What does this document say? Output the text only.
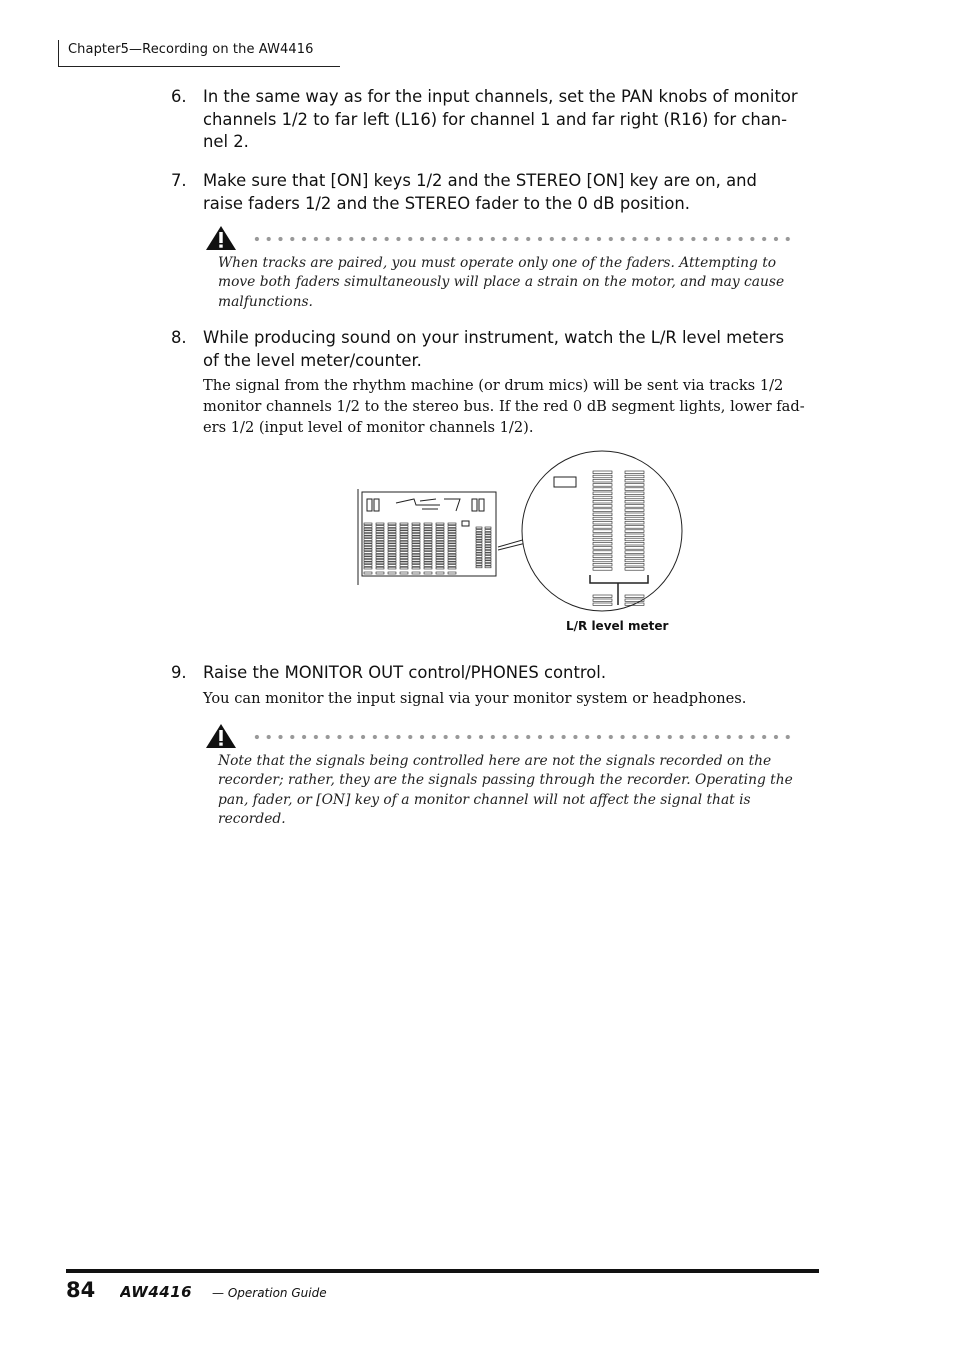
Chapter5—Recording on the AW4416
6. In the same way as for the input channels, set the PAN knobs of monitor
channels 1/2 to far left (L16) for channel 1 and far right (R16) for chan-
nel 2.
7. Make sure that [ON] keys 1/2 and the STEREO [ON] key are on, and
raise faders 1/2 and the STEREO fader to the 0 dB position.
When tracks are paired, you must operate only one of the faders. Attempting to
move both faders simultaneously will place a strain on the motor, and may cause
malfunctions.
8. While producing sound on your instrument, watch the L/R level meters
of the level meter/counter.
The signal from the rhythm machine (or drum mics) will be sent via tracks 1/2
monitor channels 1/2 to the stereo bus. If the red 0 dB segment lights, lower fad-
ers 1/2 (input level of monitor channels 1/2).
L/R level meter
9. Raise the MONITOR OUT control/PHONES control.
You can monitor the input signal via your monitor system or headphones.
Note that the signals being controlled here are not the signals recorded on the
recorder; rather, they are the signals passing through the recorder. Operating the
pan, fader, or [ON] key of a monitor channel will not affect the signal that is
recorded.
84 AW4416 — Operation Guide
